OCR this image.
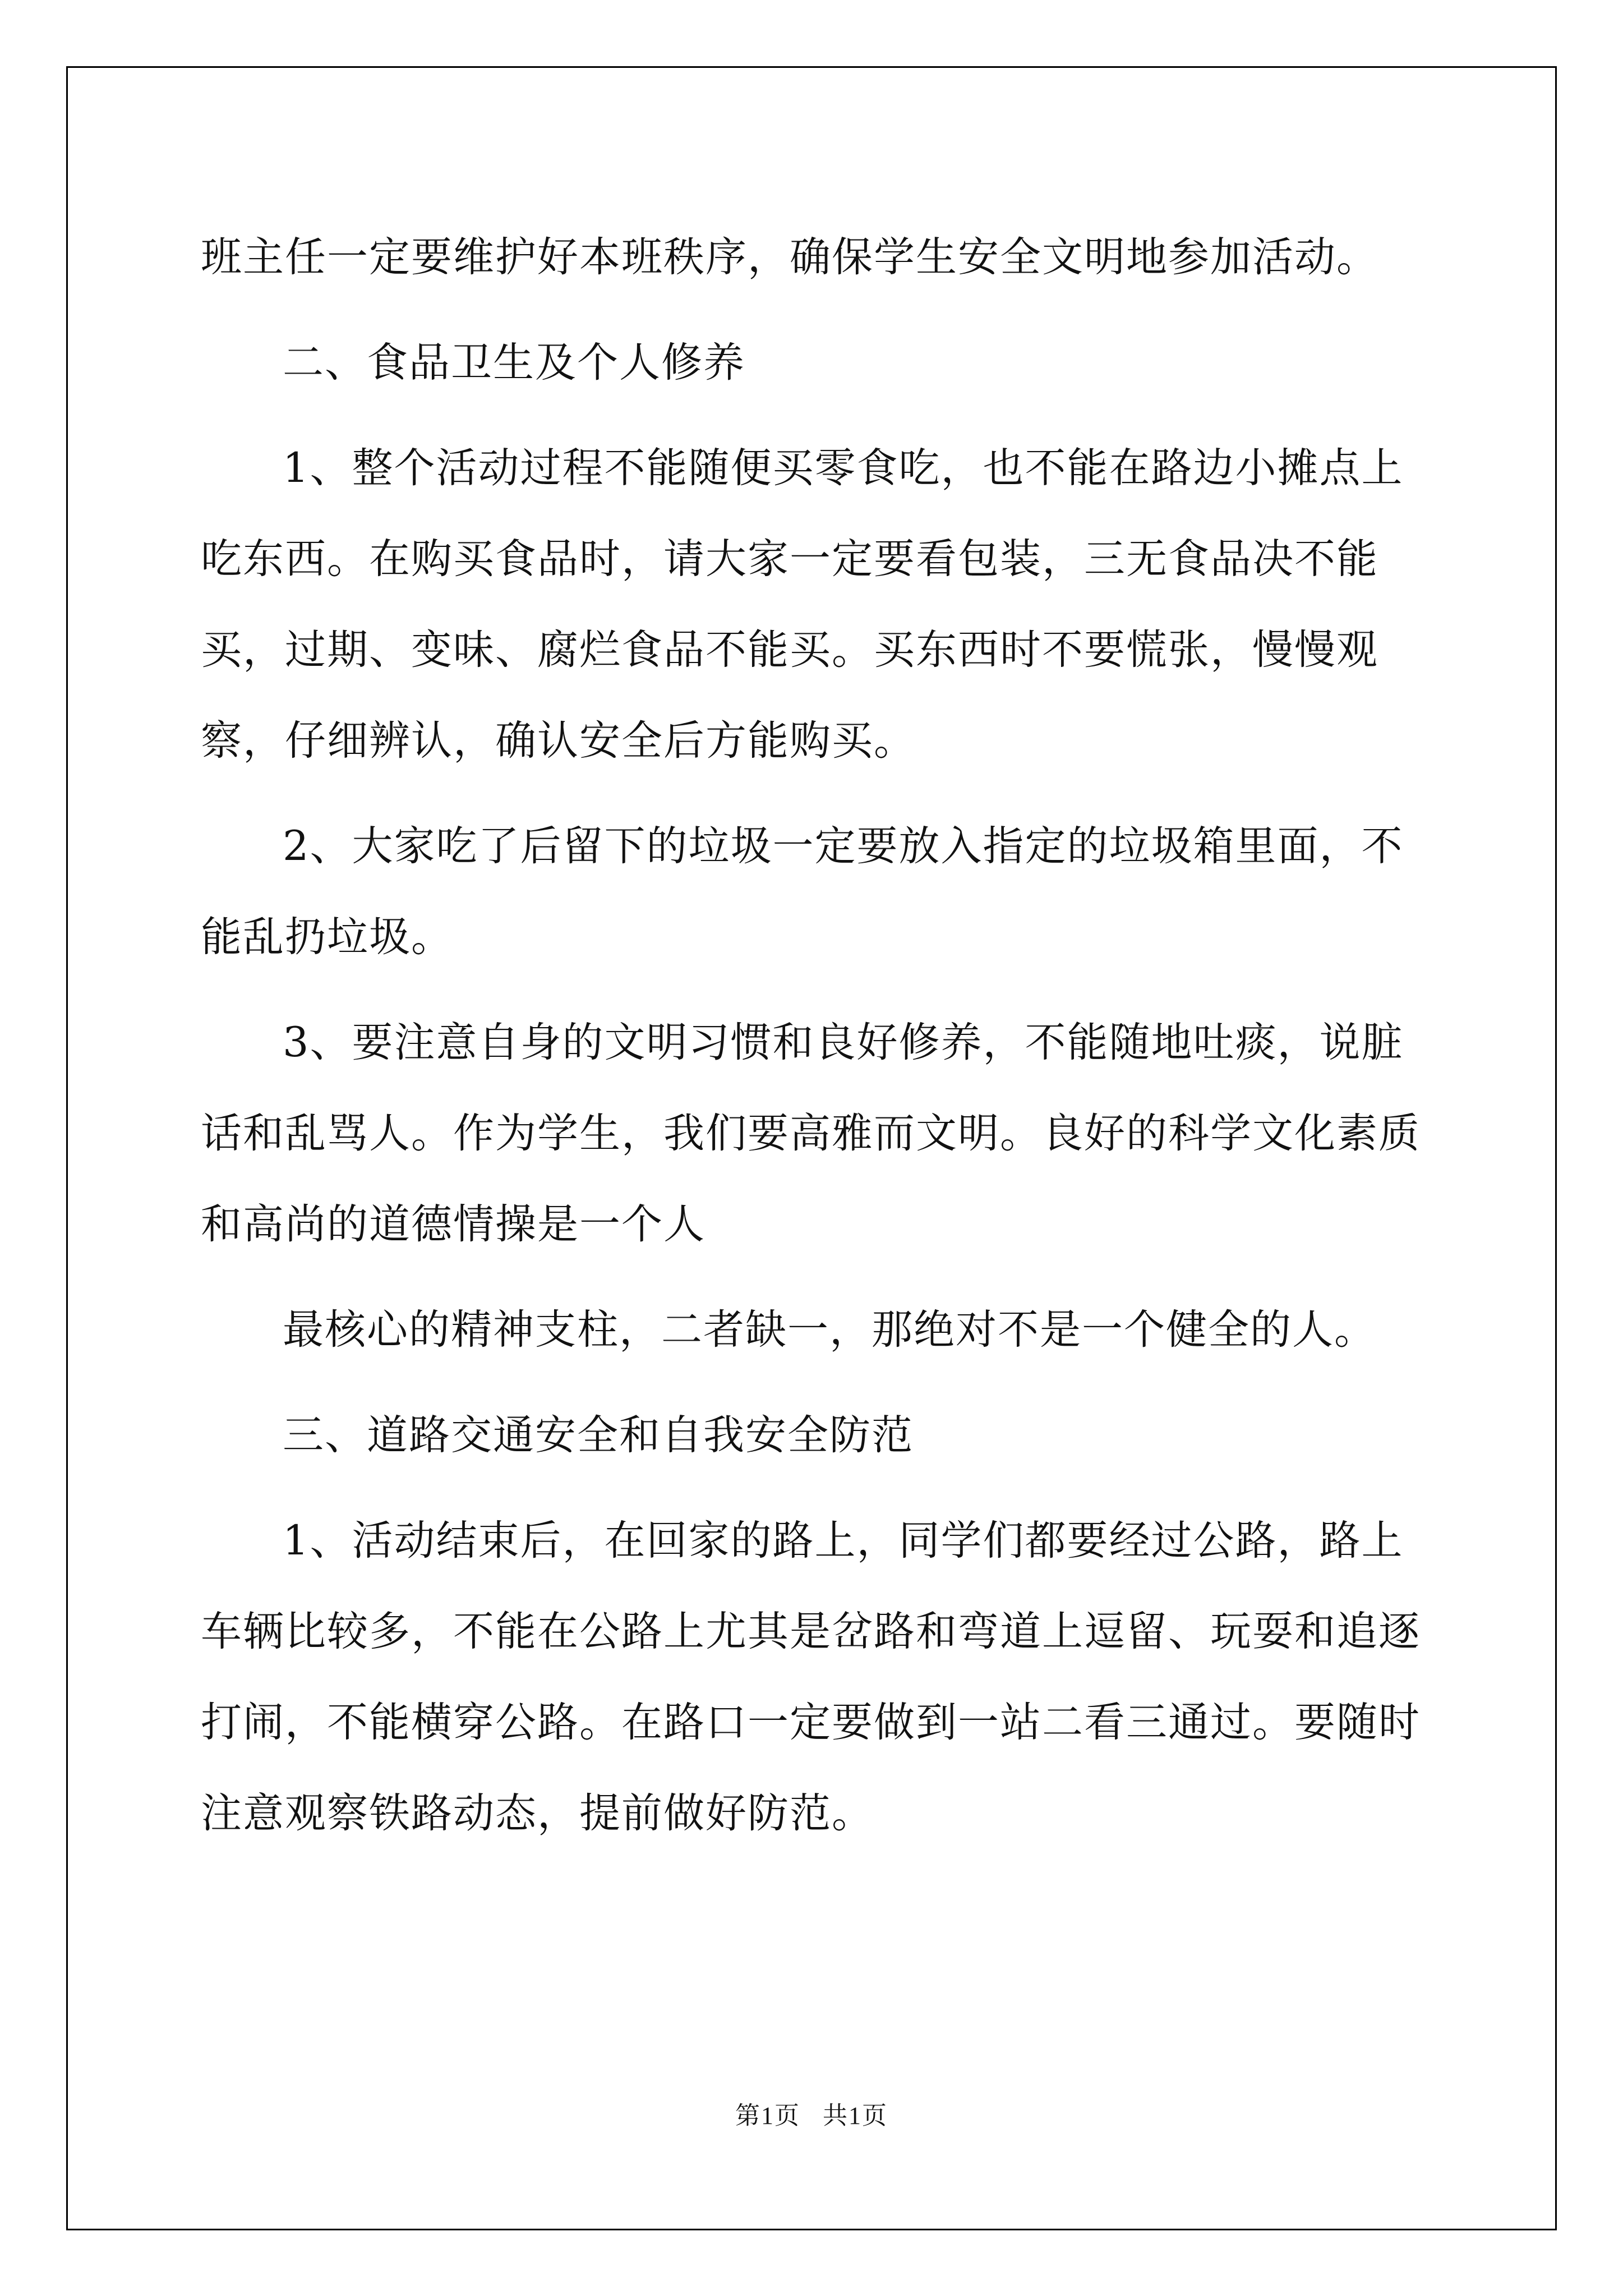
班主任一定要维护好本班秩序，确保学生安全文明地参加活动。

二、食品卫生及个人修养

1、整个活动过程不能随便买零食吃，也不能在路边小摊点上吃东西。在购买食品时，请大家一定要看包装，三无食品决不能买，过期、变味、腐烂食品不能买。买东西时不要慌张，慢慢观察，仔细辨认，确认安全后方能购买。

2、大家吃了后留下的垃圾一定要放入指定的垃圾箱里面，不能乱扔垃圾。

3、要注意自身的文明习惯和良好修养，不能随地吐痰，说脏话和乱骂人。作为学生，我们要高雅而文明。良好的科学文化素质和高尚的道德情操是一个人

最核心的精神支柱，二者缺一，那绝对不是一个健全的人。

三、道路交通安全和自我安全防范

1、活动结束后，在回家的路上，同学们都要经过公路，路上车辆比较多，不能在公路上尤其是岔路和弯道上逗留、玩耍和追逐打闹，不能横穿公路。在路口一定要做到一站二看三通过。要随时注意观察铁路动态，提前做好防范。

第1页 共1页
